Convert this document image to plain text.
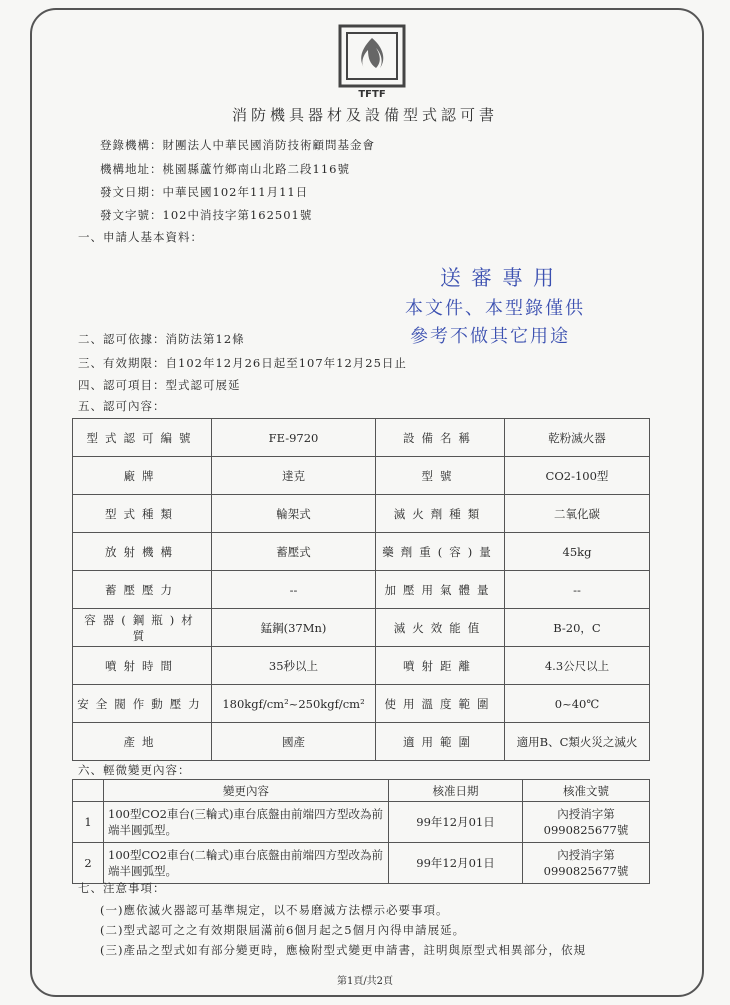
TFTF
消防機具器材及設備型式認可書
登錄機構：財團法人中華民國消防技術顧問基金會
機構地址：桃園縣蘆竹鄉南山北路二段116號
發文日期：中華民國102年11月11日
發文字號：102中消技字第162501號
一、申請人基本資料：
送審專用
本文件、本型錄僅供
參考不做其它用途
二、認可依據：消防法第12條
三、有效期限：自102年12月26日起至107年12月25日止
四、認可項目：型式認可展延
五、認可內容：
型式認可編號	FE-9720	設備名稱	乾粉滅火器
廠牌	達克	型號	CO2-100型
型式種類	輪架式	滅火劑種類	二氧化碳
放射機構	蓄壓式	藥劑重(容)量	45kg
蓄壓壓力	--	加壓用氣體量	--
容器(鋼瓶)材質	錳鋼(37Mn)	滅火效能值	B-20，C
噴射時間	35秒以上	噴射距離	4.3公尺以上
安全閥作動壓力	180kgf/cm²~250kgf/cm²	使用溫度範圍	0~40℃
產地	國產	適用範圍	適用B、C類火災之滅火
六、輕微變更內容：
	變更內容	核准日期	核准文號
1	100型CO2車台(三輪式)車台底盤由前端四方型改為前端半圓弧型。	99年12月01日	內授消字第0990825677號
2	100型CO2車台(二輪式)車台底盤由前端四方型改為前端半圓弧型。	99年12月01日	內授消字第0990825677號
七、注意事項：
(一)應依滅火器認可基準規定，以不易磨滅方法標示必要事項。
(二)型式認可之之有效期限屆滿前6個月起之5個月內得申請展延。
(三)產品之型式如有部分變更時，應檢附型式變更申請書，註明與原型式相異部分，依規
第1頁/共2頁
